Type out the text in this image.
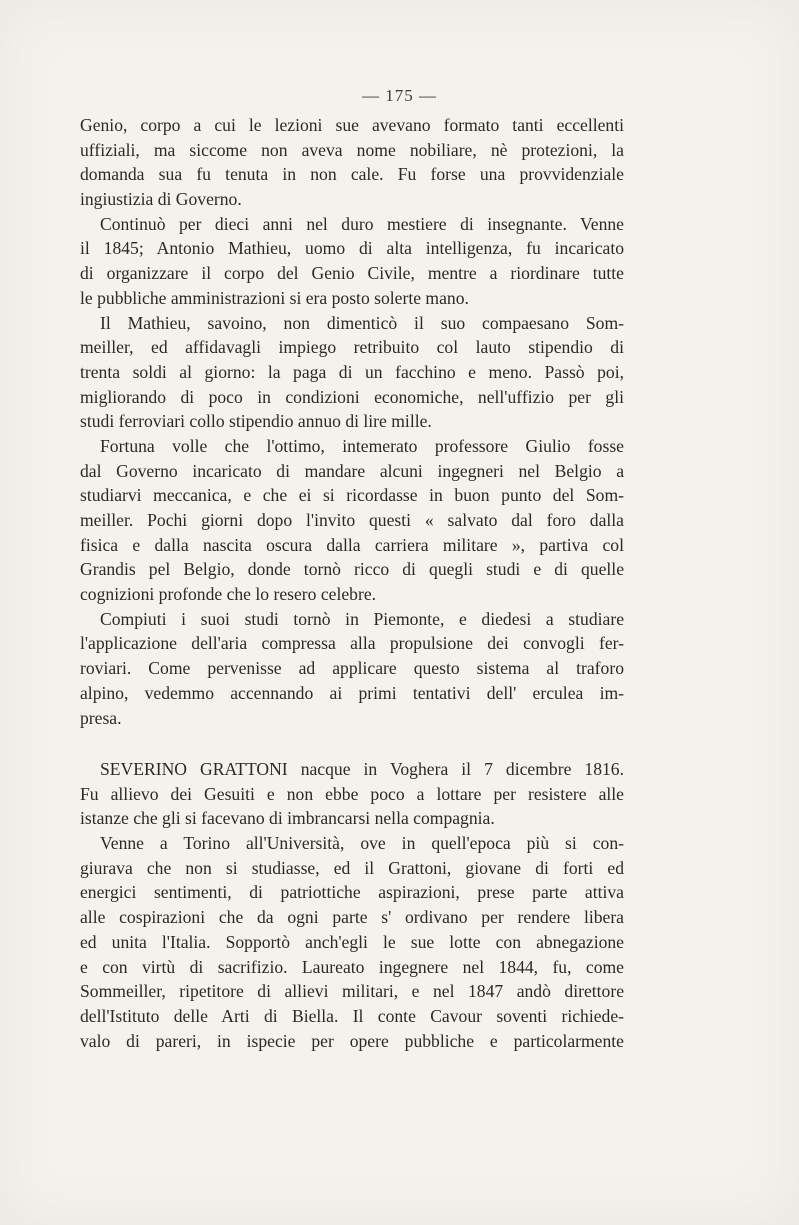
— 175 —
Genio, corpo a cui le lezioni sue avevano formato tanti eccellenti
uffiziali, ma siccome non aveva nome nobiliare, nè protezioni, la
domanda sua fu tenuta in non cale. Fu forse una provvidenziale
ingiustizia di Governo.
Continuò per dieci anni nel duro mestiere di insegnante. Venne
il 1845; Antonio Mathieu, uomo di alta intelligenza, fu incaricato
di organizzare il corpo del Genio Civile, mentre a riordinare tutte
le pubbliche amministrazioni si era posto solerte mano.
Il Mathieu, savoino, non dimenticò il suo compaesano Som-
meiller, ed affidavagli impiego retribuito col lauto stipendio di
trenta soldi al giorno: la paga di un facchino e meno. Passò poi,
migliorando di poco in condizioni economiche, nell'uffizio per gli
studi ferroviari collo stipendio annuo di lire mille.
Fortuna volle che l'ottimo, intemerato professore Giulio fosse
dal Governo incaricato di mandare alcuni ingegneri nel Belgio a
studiarvi meccanica, e che ei si ricordasse in buon punto del Som-
meiller. Pochi giorni dopo l'invito questi « salvato dal foro dalla
fisica e dalla nascita oscura dalla carriera militare », partiva col
Grandis pel Belgio, donde tornò ricco di quegli studi e di quelle
cognizioni profonde che lo resero celebre.
Compiuti i suoi studi tornò in Piemonte, e diedesi a studiare
l'applicazione dell'aria compressa alla propulsione dei convogli fer-
roviari. Come pervenisse ad applicare questo sistema al traforo
alpino, vedemmo accennando ai primi tentativi dell' erculea im-
presa.
SEVERINO GRATTONI nacque in Voghera il 7 dicembre 1816.
Fu allievo dei Gesuiti e non ebbe poco a lottare per resistere alle
istanze che gli si facevano di imbrancarsi nella compagnia.
Venne a Torino all'Università, ove in quell'epoca più si con-
giurava che non si studiasse, ed il Grattoni, giovane di forti ed
energici sentimenti, di patriottiche aspirazioni, prese parte attiva
alle cospirazioni che da ogni parte s' ordivano per rendere libera
ed unita l'Italia. Sopportò anch'egli le sue lotte con abnegazione
e con virtù di sacrifizio. Laureato ingegnere nel 1844, fu, come
Sommeiller, ripetitore di allievi militari, e nel 1847 andò direttore
dell'Istituto delle Arti di Biella. Il conte Cavour soventi richiede-
valo di pareri, in ispecie per opere pubbliche e particolarmente
